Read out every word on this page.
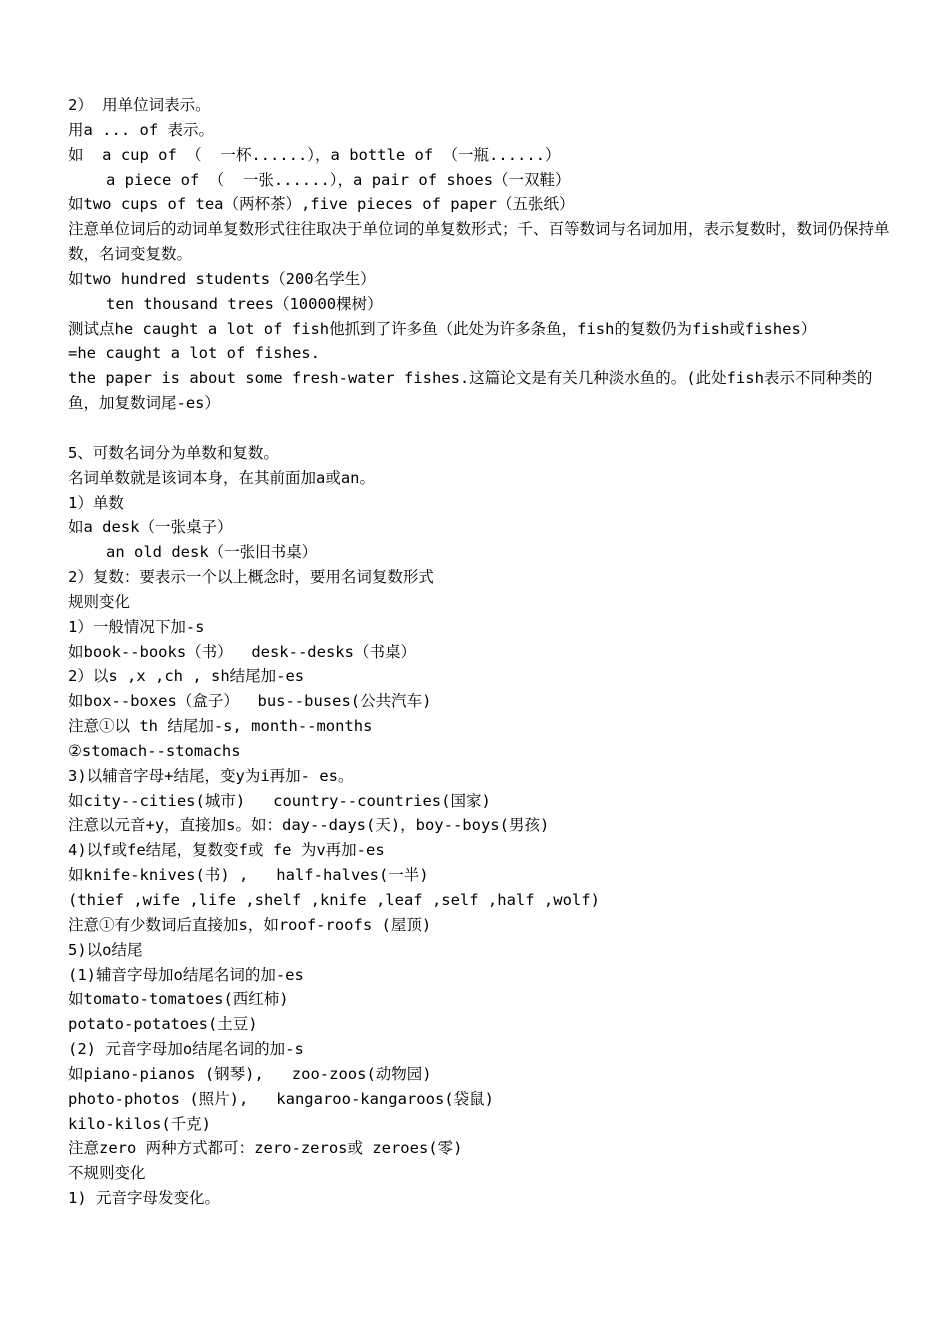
2） 用单位词表示。

用a ... of 表示。

如  a cup of （  一杯......），a bottle of （一瓶......）

a piece of （  一张......），a pair of shoes（一双鞋）

如two cups of tea（两杯茶）,five pieces of paper（五张纸）

注意单位词后的动词单复数形式往往取决于单位词的单复数形式；千、百等数词与名词加用，表示复数时，数词仍保持单数，名词变复数。

如two hundred students（200名学生）

ten thousand trees（10000棵树）

测试点he caught a lot of fish他抓到了许多鱼（此处为许多条鱼，fish的复数仍为fish或fishes）

=he caught a lot of fishes.

the paper is about some fresh-water fishes.这篇论文是有关几种淡水鱼的。(此处fish表示不同种类的鱼，加复数词尾-es）

5、可数名词分为单数和复数。

名词单数就是该词本身，在其前面加a或an。

1）单数

如a desk（一张桌子）

an old desk（一张旧书桌）

2）复数：要表示一个以上概念时，要用名词复数形式

规则变化

1）一般情况下加-s

如book--books（书）  desk--desks（书桌）

2）以s ,x ,ch , sh结尾加-es

如box--boxes（盒子）  bus--buses(公共汽车)

注意①以 th 结尾加-s, month--months

②stomach--stomachs

3)以辅音字母+结尾，变y为i再加- es。

如city--cities(城市)   country--countries(国家)

注意以元音+y，直接加s。如：day--days(天)，boy--boys(男孩)

4)以f或fe结尾，复数变f或 fe 为v再加-es

如knife-knives(书) ,   half-halves(一半)

(thief ,wife ,life ,shelf ,knife ,leaf ,self ,half ,wolf)

注意①有少数词后直接加s，如roof-roofs (屋顶)

5)以o结尾

(1)辅音字母加o结尾名词的加-es

如tomato-tomatoes(西红柿)

potato-potatoes(土豆)

(2) 元音字母加o结尾名词的加-s

如piano-pianos (钢琴),   zoo-zoos(动物园)

photo-photos (照片),   kangaroo-kangaroos(袋鼠)

kilo-kilos(千克)

注意zero 两种方式都可：zero-zeros或 zeroes(零)

不规则变化

1) 元音字母发变化。
